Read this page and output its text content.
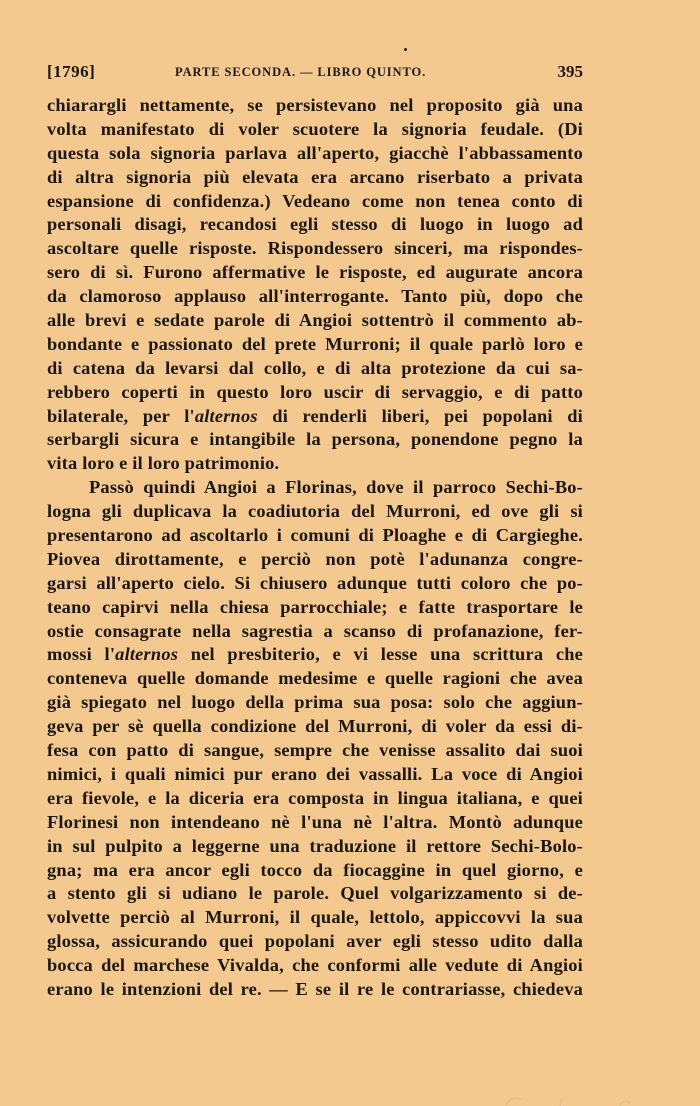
[1796]	PARTE SECONDA. — LIBRO QUINTO.	395
chiarargli nettamente, se persistevano nel proposito già una
volta manifestato di voler scuotere la signoria feudale. (Di
questa sola signoria parlava all'aperto, giacchè l'abbassamento
di altra signoria più elevata era arcano riserbato a privata
espansione di confidenza.) Vedeano come non tenea conto di
personali disagi, recandosi egli stesso di luogo in luogo ad
ascoltare quelle risposte. Rispondessero sinceri, ma rispondes-
sero di sì. Furono affermative le risposte, ed augurate ancora
da clamoroso applauso all'interrogante. Tanto più, dopo che
alle brevi e sedate parole di Angioi sottentrò il commento ab-
bondante e passionato del prete Murroni; il quale parlò loro e
di catena da levarsi dal collo, e di alta protezione da cui sa-
rebbero coperti in questo loro uscir di servaggio, e di patto
bilaterale, per l'alternos di renderli liberi, pei popolani di
serbargli sicura e intangibile la persona, ponendone pegno la
vita loro e il loro patrimonio.
Passò quindi Angioi a Florinas, dove il parroco Sechi-Bo-
logna gli duplicava la coadiutoria del Murroni, ed ove gli si
presentarono ad ascoltarlo i comuni di Ploaghe e di Cargieghe.
Piovea dirottamente, e perciò non potè l'adunanza congre-
garsi all'aperto cielo. Si chiusero adunque tutti coloro che po-
teano capirvi nella chiesa parrocchiale; e fatte trasportare le
ostie consagrate nella sagrestia a scanso di profanazione, fer-
mossi l'alternos nel presbiterio, e vi lesse una scrittura che
conteneva quelle domande medesime e quelle ragioni che avea
già spiegato nel luogo della prima sua posa: solo che aggiun-
geva per sè quella condizione del Murroni, di voler da essi di-
fesa con patto di sangue, sempre che venisse assalito dai suoi
nimici, i quali nimici pur erano dei vassalli. La voce di Angioi
era fievole, e la diceria era composta in lingua italiana, e quei
Florinesi non intendeano nè l'una nè l'altra. Montò adunque
in sul pulpito a leggerne una traduzione il rettore Sechi-Bolo-
gna; ma era ancor egli tocco da fiocaggine in quel giorno, e
a stento gli si udiano le parole. Quel volgarizzamento si de-
volvette perciò al Murroni, il quale, lettolo, appiccovvi la sua
glossa, assicurando quei popolani aver egli stesso udito dalla
bocca del marchese Vivalda, che conformi alle vedute di Angioi
erano le intenzioni del re. — E se il re le contrariasse, chiedeva
